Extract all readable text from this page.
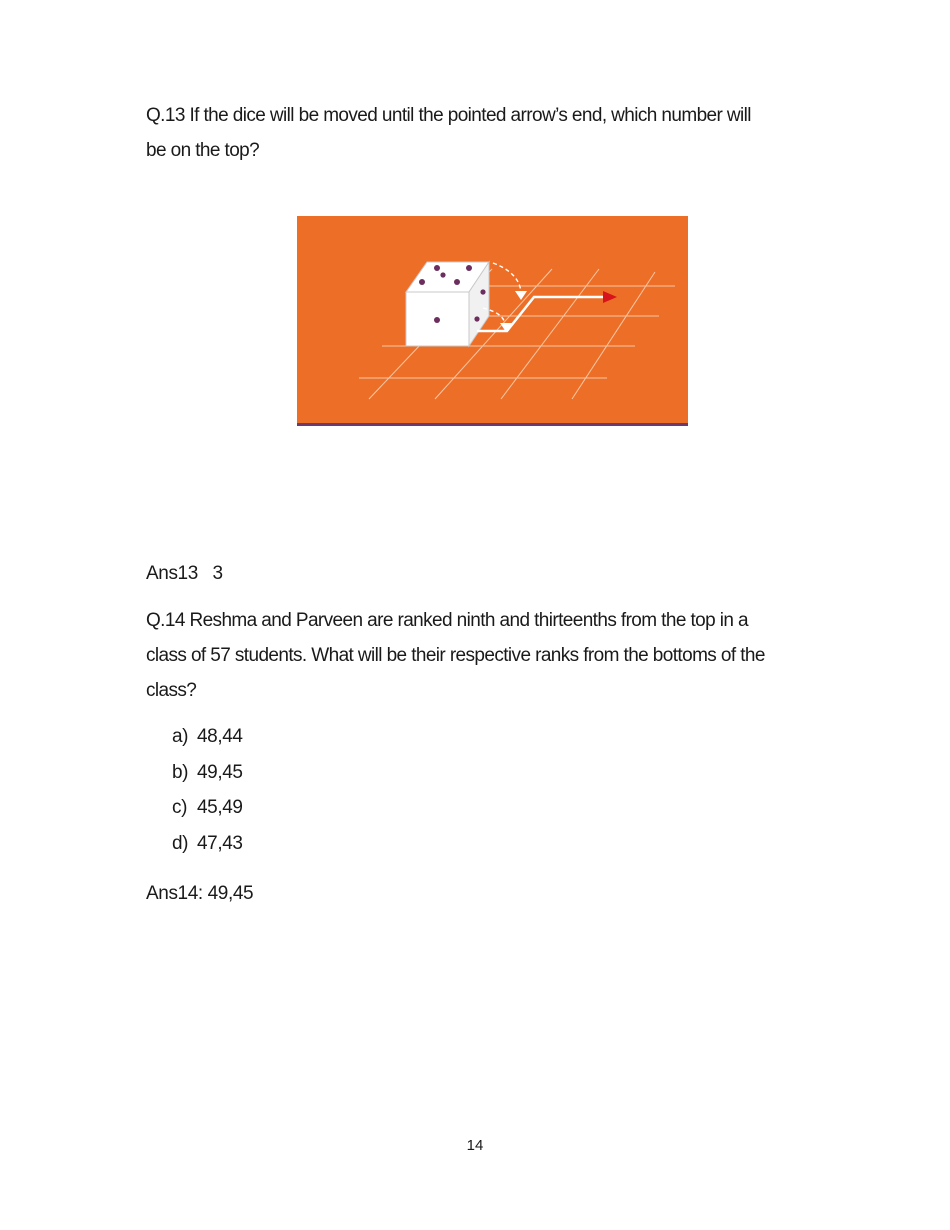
Q.13 If the dice will be moved until the pointed arrow’s end, which number will
be on the top?

Ans13 3

Q.14 Reshma and Parveen are ranked ninth and thirteenths from the top in a
class of 57 students. What will be their respective ranks from the bottoms of the
class?
a) 48,44
b) 49,45
c) 45,49
d) 47,43

Ans14: 49,45

14
